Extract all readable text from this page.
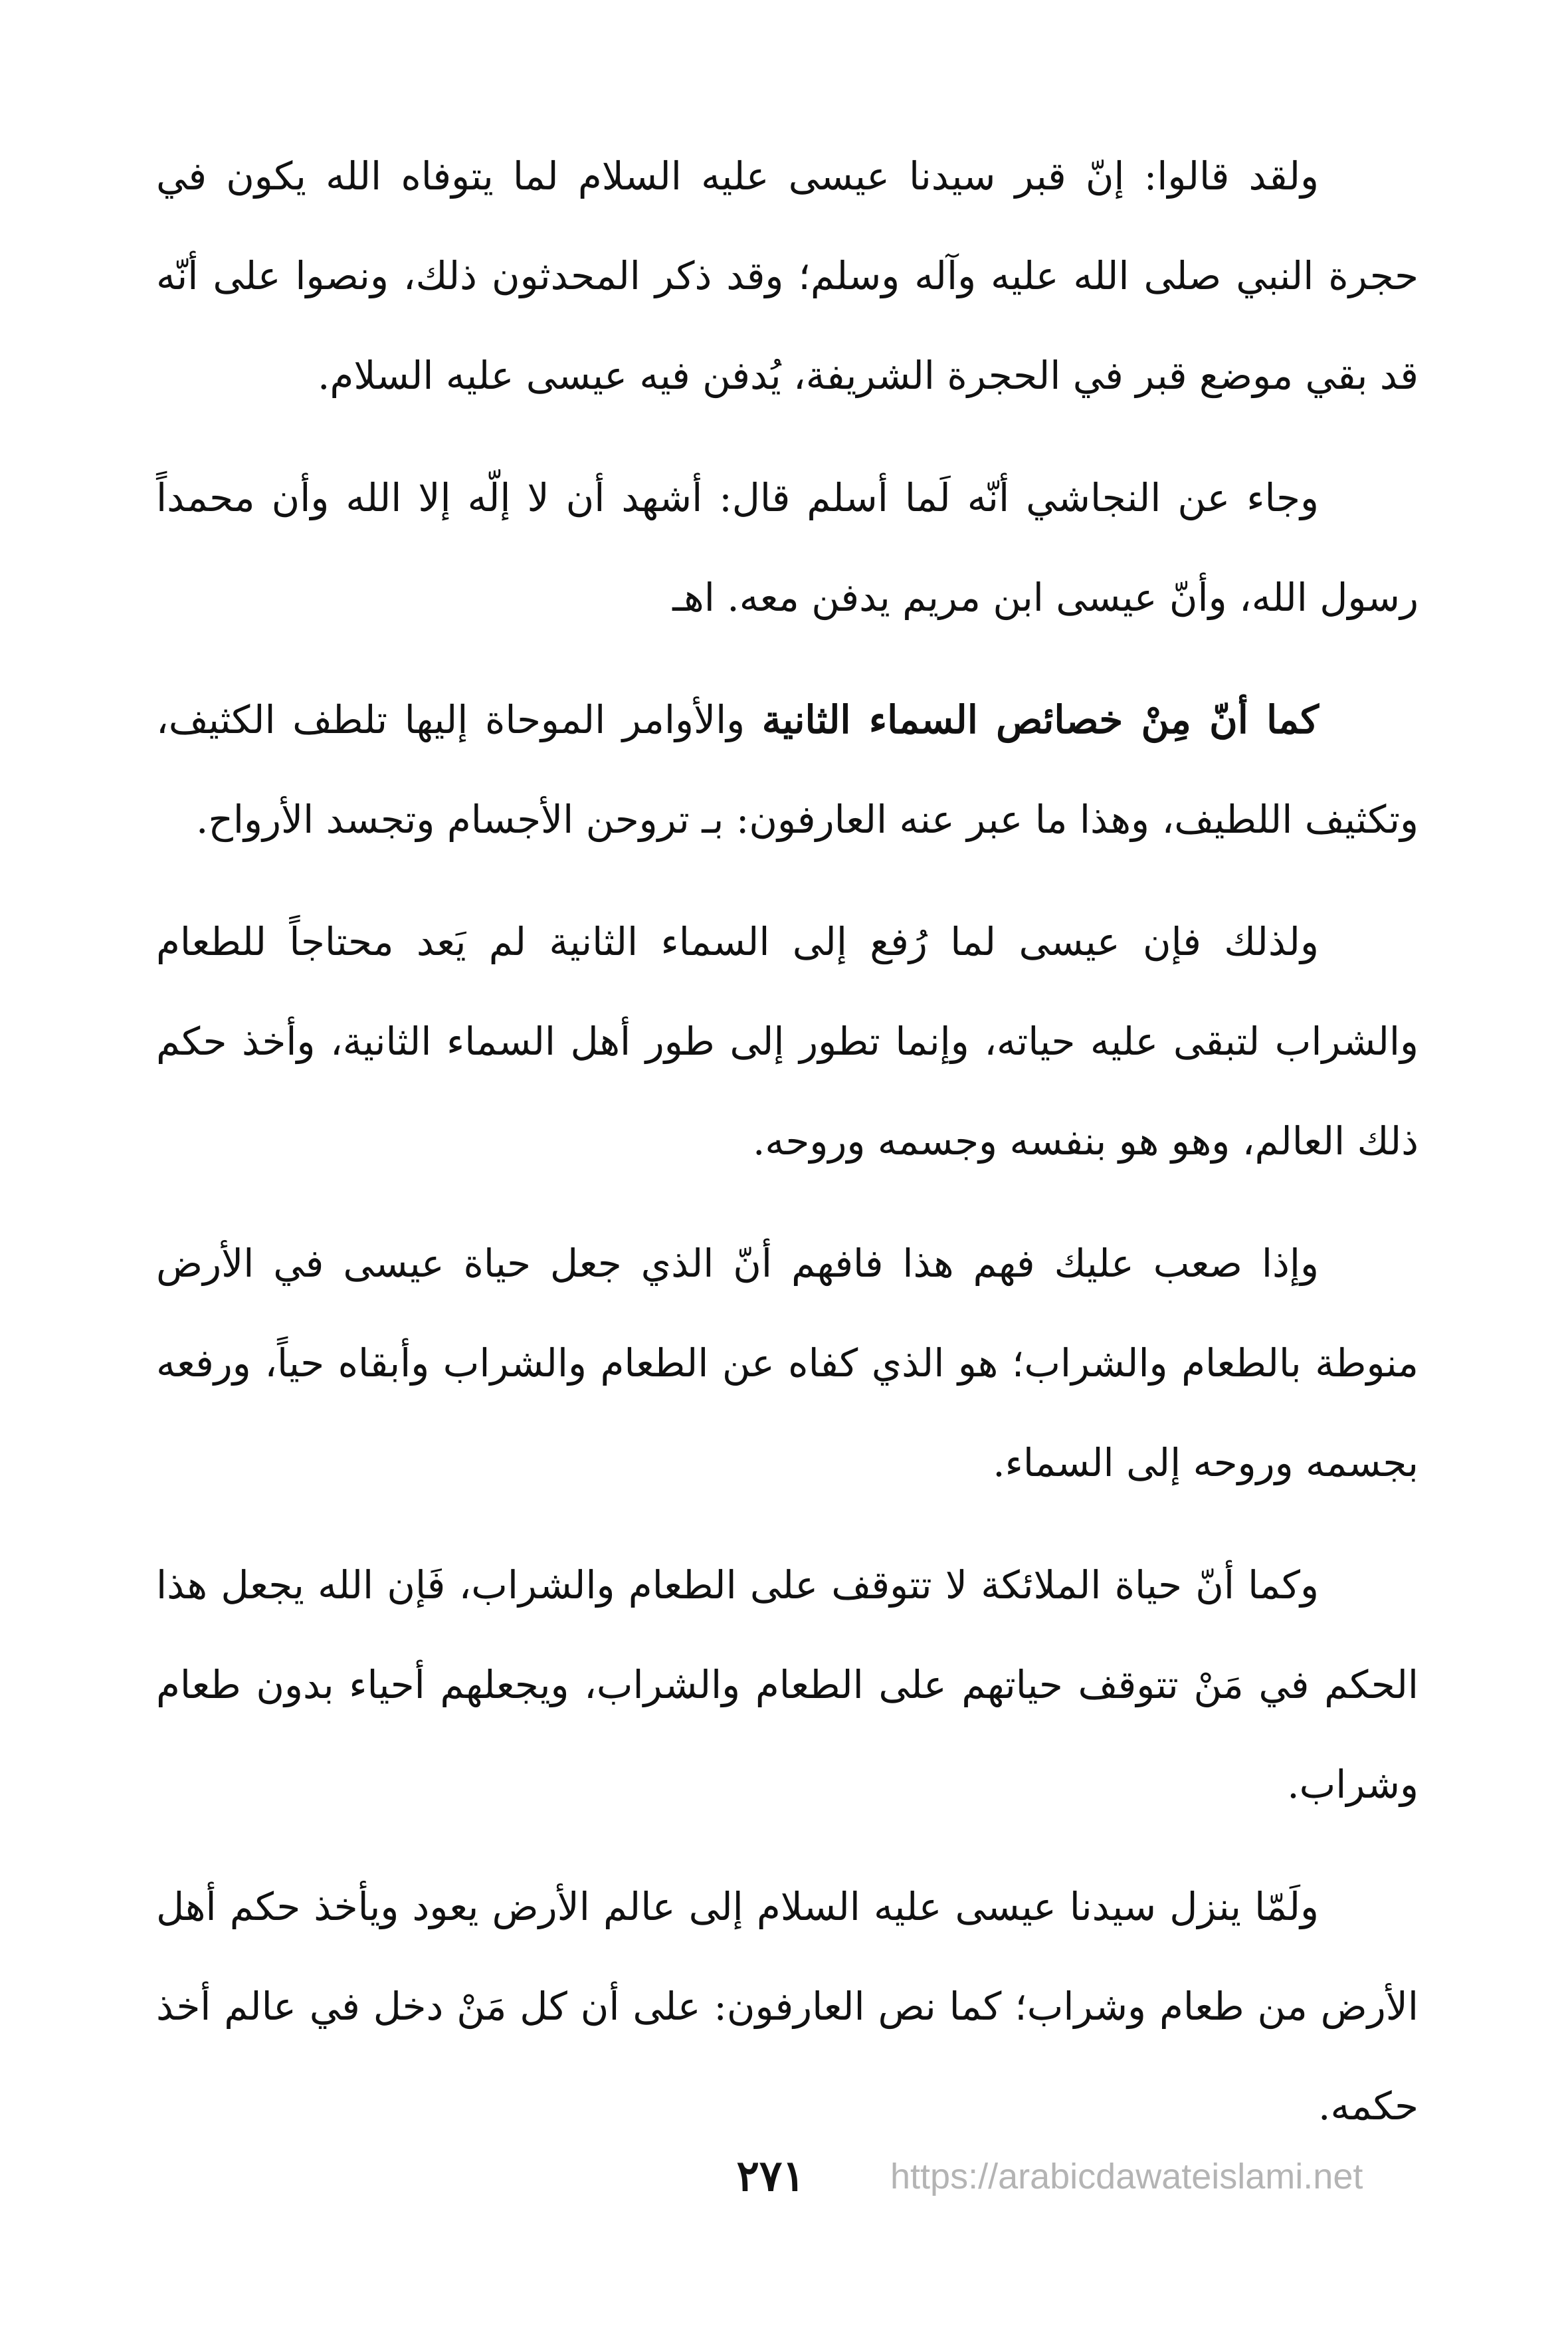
ولقد قالوا: إنّ قبر سيدنا عيسى عليه السلام لما يتوفاه الله يكون في حجرة النبي صلى الله عليه وآله وسلم؛ وقد ذكر المحدثون ذلك، ونصوا على أنّه قد بقي موضع قبر في الحجرة الشريفة، يُدفن فيه عيسى عليه السلام.

وجاء عن النجاشي أنّه لَما أسلم قال: أشهد أن لا إلّه إلا الله وأن محمداً رسول الله، وأنّ عيسى ابن مريم يدفن معه. اهـ

كما أنّ مِنْ خصائص السماء الثانية والأوامر الموحاة إليها تلطف الكثيف، وتكثيف اللطيف، وهذا ما عبر عنه العارفون: بـ تروحن الأجسام وتجسد الأرواح.

ولذلك فإن عيسى لما رُفع إلى السماء الثانية لم يَعد محتاجاً للطعام والشراب لتبقى عليه حياته، وإنما تطور إلى طور أهل السماء الثانية، وأخذ حكم ذلك العالم، وهو هو بنفسه وجسمه وروحه.

وإذا صعب عليك فهم هذا فافهم أنّ الذي جعل حياة عيسى في الأرض منوطة بالطعام والشراب؛ هو الذي كفاه عن الطعام والشراب وأبقاه حياً، ورفعه بجسمه وروحه إلى السماء.

وكما أنّ حياة الملائكة لا تتوقف على الطعام والشراب، فَإن الله يجعل هذا الحكم في مَنْ تتوقف حياتهم على الطعام والشراب، ويجعلهم أحياء بدون طعام وشراب.

ولَمّا ينزل سيدنا عيسى عليه السلام إلى عالم الأرض يعود ويأخذ حكم أهل الأرض من طعام وشراب؛ كما نص العارفون: على أن كل مَنْ دخل في عالم أخذ حكمه.

٢٧١	https://arabicdawateislami.net
